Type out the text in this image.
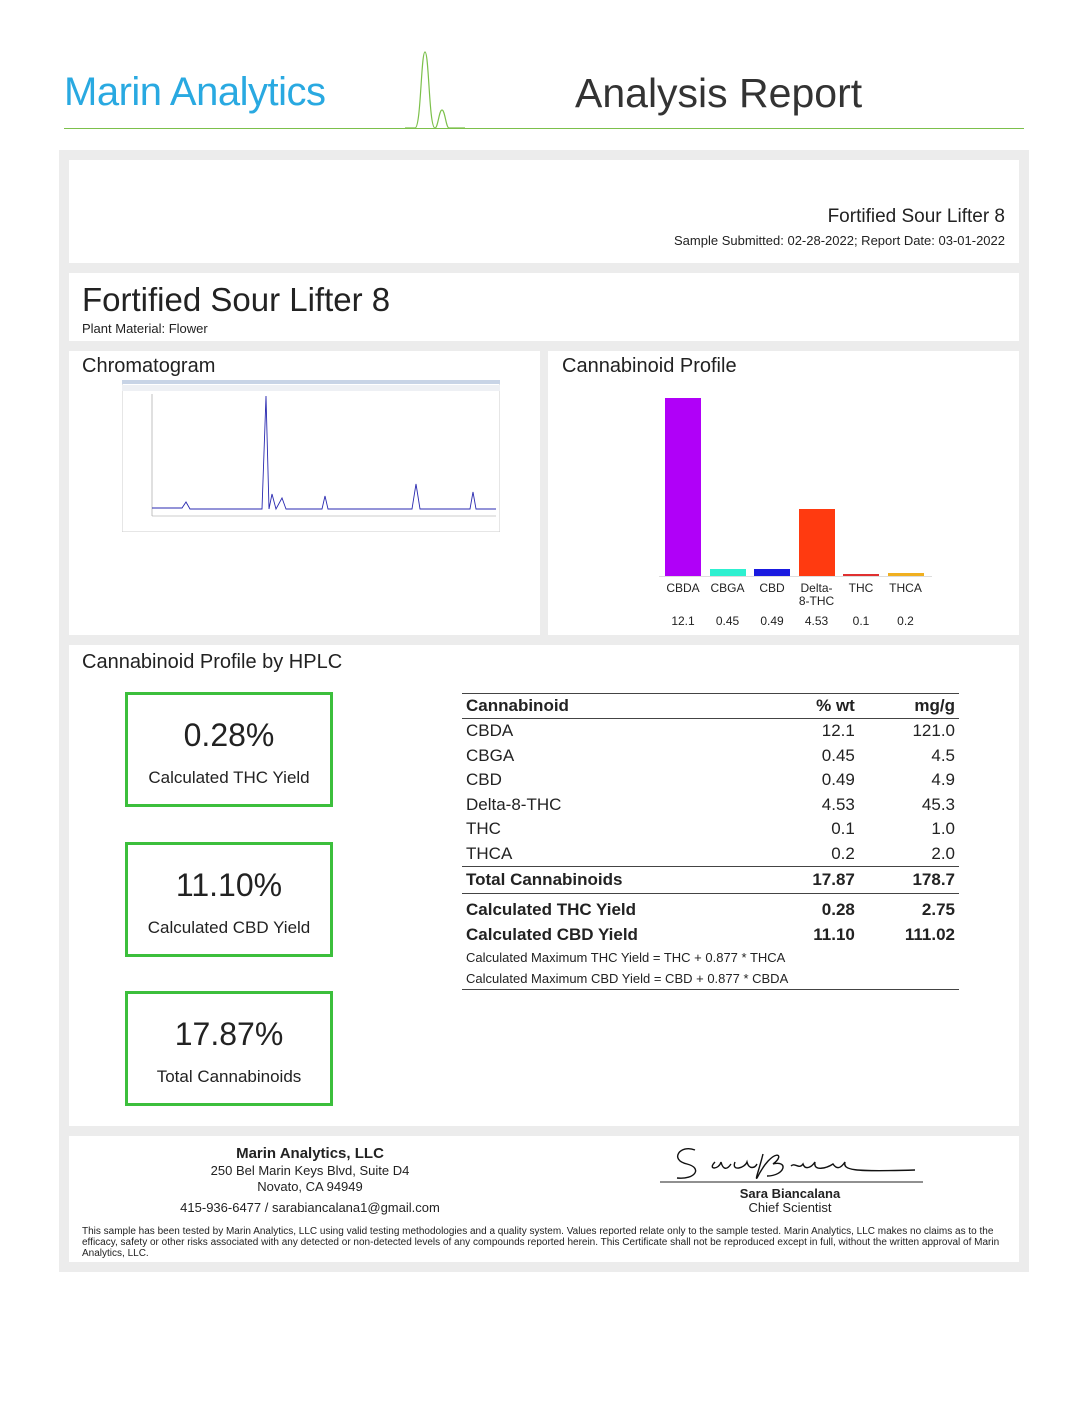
Marin Analytics	Analysis Report
Fortified Sour Lifter 8
Sample Submitted: 02-28-2022; Report Date: 03-01-2022
Fortified Sour Lifter 8
Plant Material: Flower
Chromatogram	Cannabinoid Profile
CBDA
12.1
CBGA
0.45
CBD
0.49
Delta-
8-THC
4.53
THC
0.1
THCA
0.2
Cannabinoid Profile by HPLC
0.28%
Calculated THC Yield
11.10%
Calculated CBD Yield
17.87%
Total Cannabinoids
Cannabinoid	% wt	mg/g
CBDA	12.1	121.0
CBGA	0.45	4.5
CBD	0.49	4.9
Delta-8-THC	4.53	45.3
THC	0.1	1.0
THCA	0.2	2.0
Total Cannabinoids	17.87	178.7

Calculated THC Yield	0.28	2.75
Calculated CBD Yield	11.10	111.02
Calculated Maximum THC Yield = THC + 0.877 * THCA		
Calculated Maximum CBD Yield = CBD + 0.877 * CBDA		
Marin Analytics, LLC
250 Bel Marin Keys Blvd, Suite D4
Novato, CA 94949
415-936-6477 / sarabiancalana1@gmail.com
Sara Biancalana
Chief Scientist
This sample has been tested by Marin Analytics, LLC using valid testing methodologies and a quality system. Values reported relate only to the sample tested. Marin Analytics, LLC makes no claims as to the efficacy, safety or other risks associated with any detected or non-detected levels of any compounds reported herein. This Certificate shall not be reproduced except in full, without the written approval of Marin Analytics, LLC.
